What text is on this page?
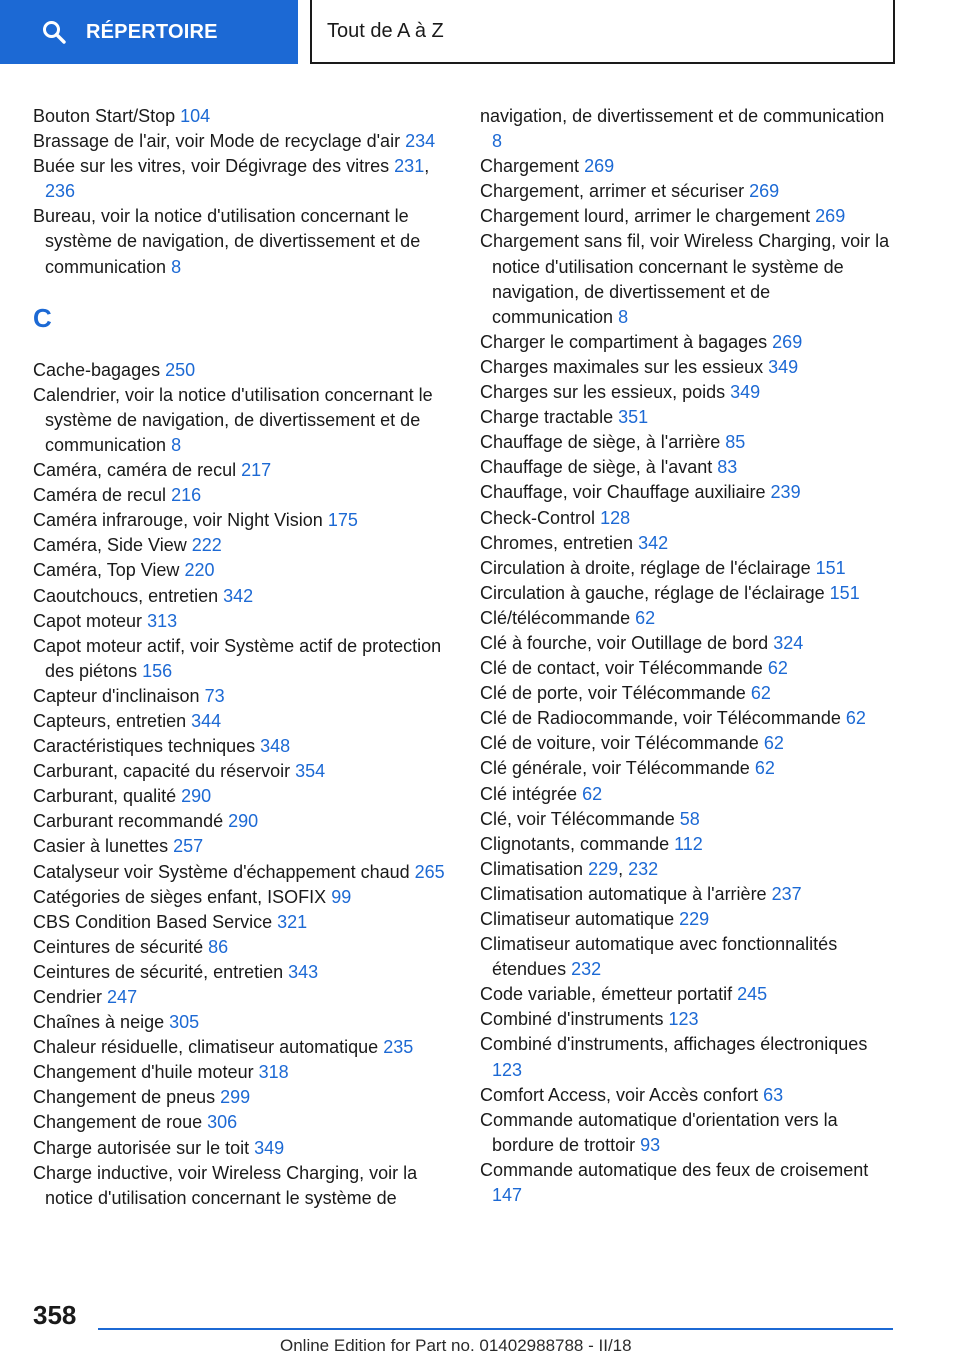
RÉPERTOIRE	Tout de A à Z

Bouton Start/Stop 104

Brassage de l'air, voir Mode de recyclage d'air 234

Buée sur les vitres, voir Dégivrage des vitres 231, 236

Bureau, voir la notice d'utilisation concernant le système de navigation, de divertissement et de communication 8

C

Cache-bagages 250

Calendrier, voir la notice d'utilisation concernant le système de navigation, de divertissement et de communication 8

Caméra, caméra de recul 217

Caméra de recul 216

Caméra infrarouge, voir Night Vision 175

Caméra, Side View 222

Caméra, Top View 220

Caoutchoucs, entretien 342

Capot moteur 313

Capot moteur actif, voir Système actif de protection des piétons 156

Capteur d'inclinaison 73

Capteurs, entretien 344

Caractéristiques techniques 348

Carburant, capacité du réservoir 354

Carburant, qualité 290

Carburant recommandé 290

Casier à lunettes 257

Catalyseur voir Système d'échappement chaud 265

Catégories de sièges enfant, ISOFIX 99

CBS Condition Based Service 321

Ceintures de sécurité 86

Ceintures de sécurité, entretien 343

Cendrier 247

Chaînes à neige 305

Chaleur résiduelle, climatiseur automatique 235

Changement d'huile moteur 318

Changement de pneus 299

Changement de roue 306

Charge autorisée sur le toit 349

Charge inductive, voir Wireless Charging, voir la notice d'utilisation concernant le système de

navigation, de divertissement et de communication 8

Chargement 269

Chargement, arrimer et sécuriser 269

Chargement lourd, arrimer le chargement 269

Chargement sans fil, voir Wireless Charging, voir la notice d'utilisation concernant le système de navigation, de divertissement et de communication 8

Charger le compartiment à bagages 269

Charges maximales sur les essieux 349

Charges sur les essieux, poids 349

Charge tractable 351

Chauffage de siège, à l'arrière 85

Chauffage de siège, à l'avant 83

Chauffage, voir Chauffage auxiliaire 239

Check-Control 128

Chromes, entretien 342

Circulation à droite, réglage de l'éclairage 151

Circulation à gauche, réglage de l'éclairage 151

Clé/télécommande 62

Clé à fourche, voir Outillage de bord 324

Clé de contact, voir Télécommande 62

Clé de porte, voir Télécommande 62

Clé de Radiocommande, voir Télécommande 62

Clé de voiture, voir Télécommande 62

Clé générale, voir Télécommande 62

Clé intégrée 62

Clé, voir Télécommande 58

Clignotants, commande 112

Climatisation 229, 232

Climatisation automatique à l'arrière 237

Climatiseur automatique 229

Climatiseur automatique avec fonctionnalités étendues 232

Code variable, émetteur portatif 245

Combiné d'instruments 123

Combiné d'instruments, affichages électroniques 123

Comfort Access, voir Accès confort 63

Commande automatique d'orientation vers la bordure de trottoir 93

Commande automatique des feux de croisement 147

358
Online Edition for Part no. 01402988788 - II/18
